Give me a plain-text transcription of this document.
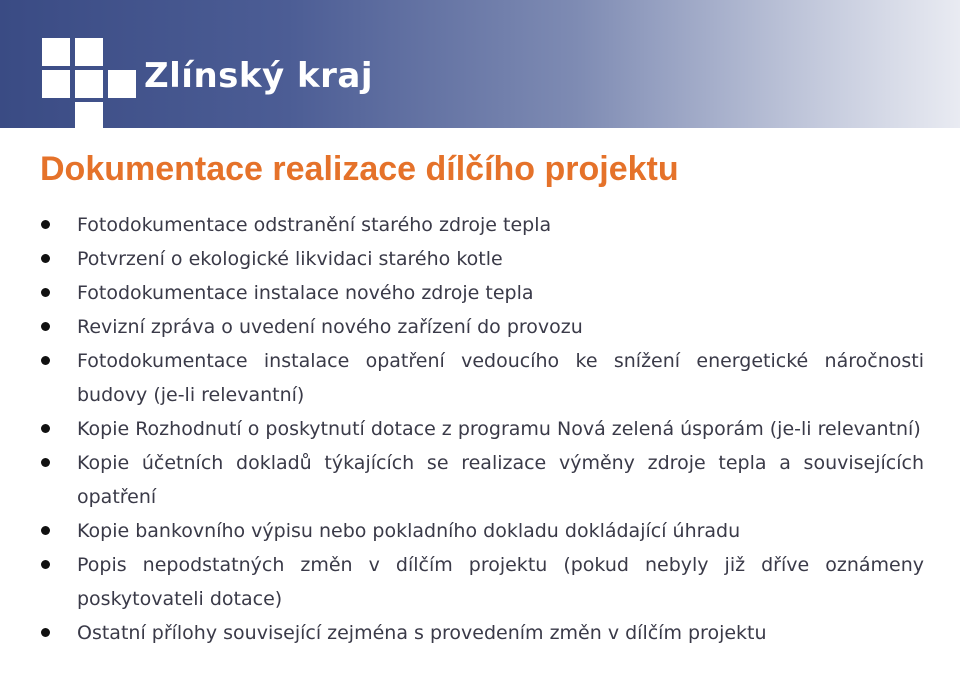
Zlínský kraj
Dokumentace realizace dílčího projektu
Fotodokumentace odstranění starého zdroje tepla
Potvrzení o ekologické likvidaci starého kotle
Fotodokumentace instalace nového zdroje tepla
Revizní zpráva o uvedení nového zařízení do provozu
Fotodokumentace instalace opatření vedoucího ke snížení energetické náročnosti budovy (je-li relevantní)
Kopie Rozhodnutí o poskytnutí dotace z programu Nová zelená úsporám (je-li relevantní)
Kopie účetních dokladů týkajících se realizace výměny zdroje tepla a souvisejících opatření
Kopie bankovního výpisu nebo pokladního dokladu dokládající úhradu
Popis nepodstatných změn v dílčím projektu (pokud nebyly již dříve oznámeny poskytovateli dotace)
Ostatní přílohy související zejména s provedením změn v dílčím projektu
